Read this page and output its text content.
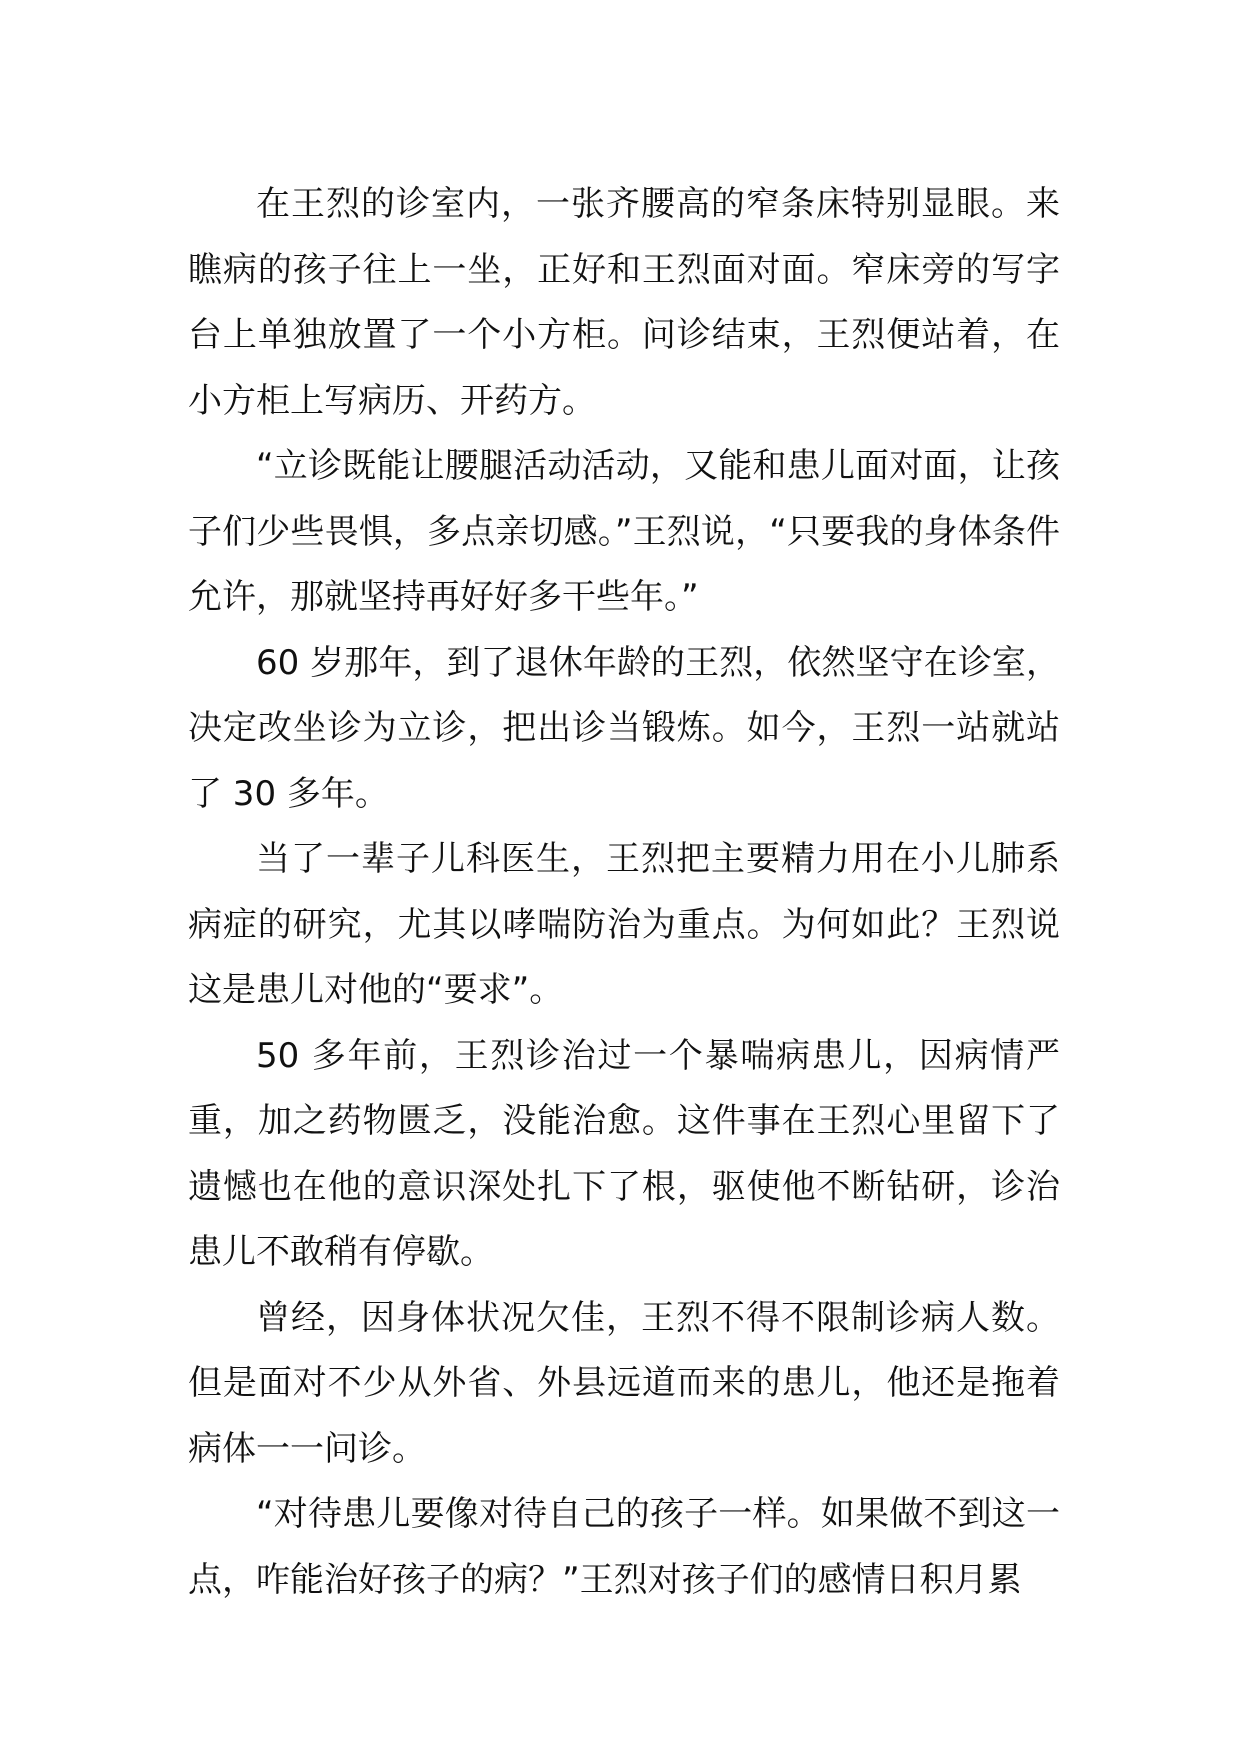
在王烈的诊室内，一张齐腰高的窄条床特别显眼。来瞧病的孩子往上一坐，正好和王烈面对面。窄床旁的写字台上单独放置了一个小方柜。问诊结束，王烈便站着，在小方柜上写病历、开药方。

“立诊既能让腰腿活动活动，又能和患儿面对面，让孩子们少些畏惧，多点亲切感。”王烈说，“只要我的身体条件允许，那就坚持再好好多干些年。”

60 岁那年，到了退休年龄的王烈，依然坚守在诊室，决定改坐诊为立诊，把出诊当锻炼。如今，王烈一站就站了 30 多年。

当了一辈子儿科医生，王烈把主要精力用在小儿肺系病症的研究，尤其以哮喘防治为重点。为何如此？王烈说这是患儿对他的“要求”。

50 多年前，王烈诊治过一个暴喘病患儿，因病情严重，加之药物匮乏，没能治愈。这件事在王烈心里留下了遗憾也在他的意识深处扎下了根，驱使他不断钻研，诊治患儿不敢稍有停歇。

曾经，因身体状况欠佳，王烈不得不限制诊病人数。但是面对不少从外省、外县远道而来的患儿，他还是拖着病体一一问诊。

“对待患儿要像对待自己的孩子一样。如果做不到这一点，咋能治好孩子的病？”王烈对孩子们的感情日积月累
